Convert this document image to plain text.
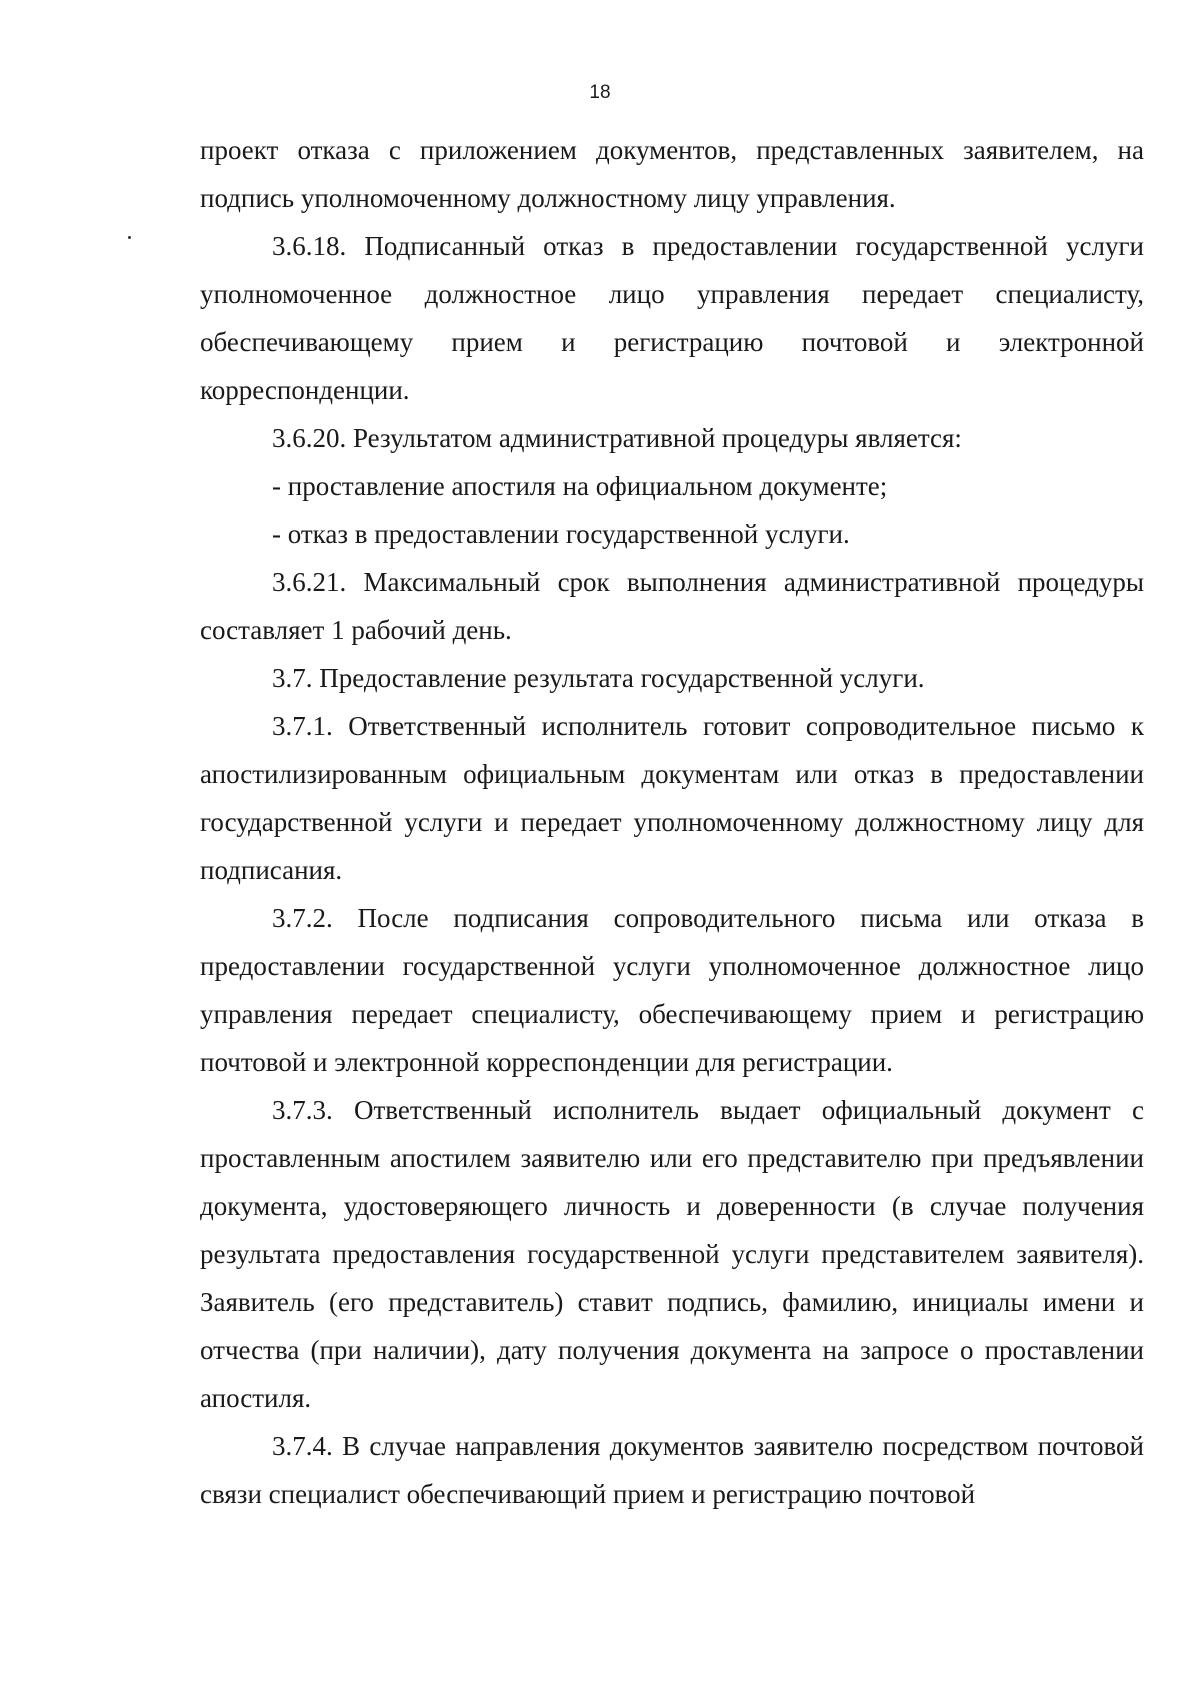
18

проект отказа с приложением документов, представленных заявителем, на подпись уполномоченному должностному лицу управления.

3.6.18. Подписанный отказ в предоставлении государственной услуги уполномоченное должностное лицо управления передает специалисту, обеспечивающему прием и регистрацию почтовой и электронной корреспонденции.

3.6.20. Результатом административной процедуры является:

- проставление апостиля на официальном документе;

- отказ в предоставлении государственной услуги.

3.6.21. Максимальный срок выполнения административной процедуры составляет 1 рабочий день.

3.7. Предоставление результата государственной услуги.

3.7.1. Ответственный исполнитель готовит сопроводительное письмо к апостилизированным официальным документам или отказ в предоставлении государственной услуги и передает уполномоченному должностному лицу для подписания.

3.7.2. После подписания сопроводительного письма или отказа в предоставлении государственной услуги уполномоченное должностное лицо управления передает специалисту, обеспечивающему прием и регистрацию почтовой и электронной корреспонденции для регистрации.

3.7.3. Ответственный исполнитель выдает официальный документ с проставленным апостилем заявителю или его представителю при предъявлении документа, удостоверяющего личность и доверенности (в случае получения результата предоставления государственной услуги представителем заявителя). Заявитель (его представитель) ставит подпись, фамилию, инициалы имени и отчества (при наличии), дату получения документа на запросе о проставлении апостиля.

3.7.4. В случае направления документов заявителю посредством почтовой связи специалист обеспечивающий прием и регистрацию почтовой
